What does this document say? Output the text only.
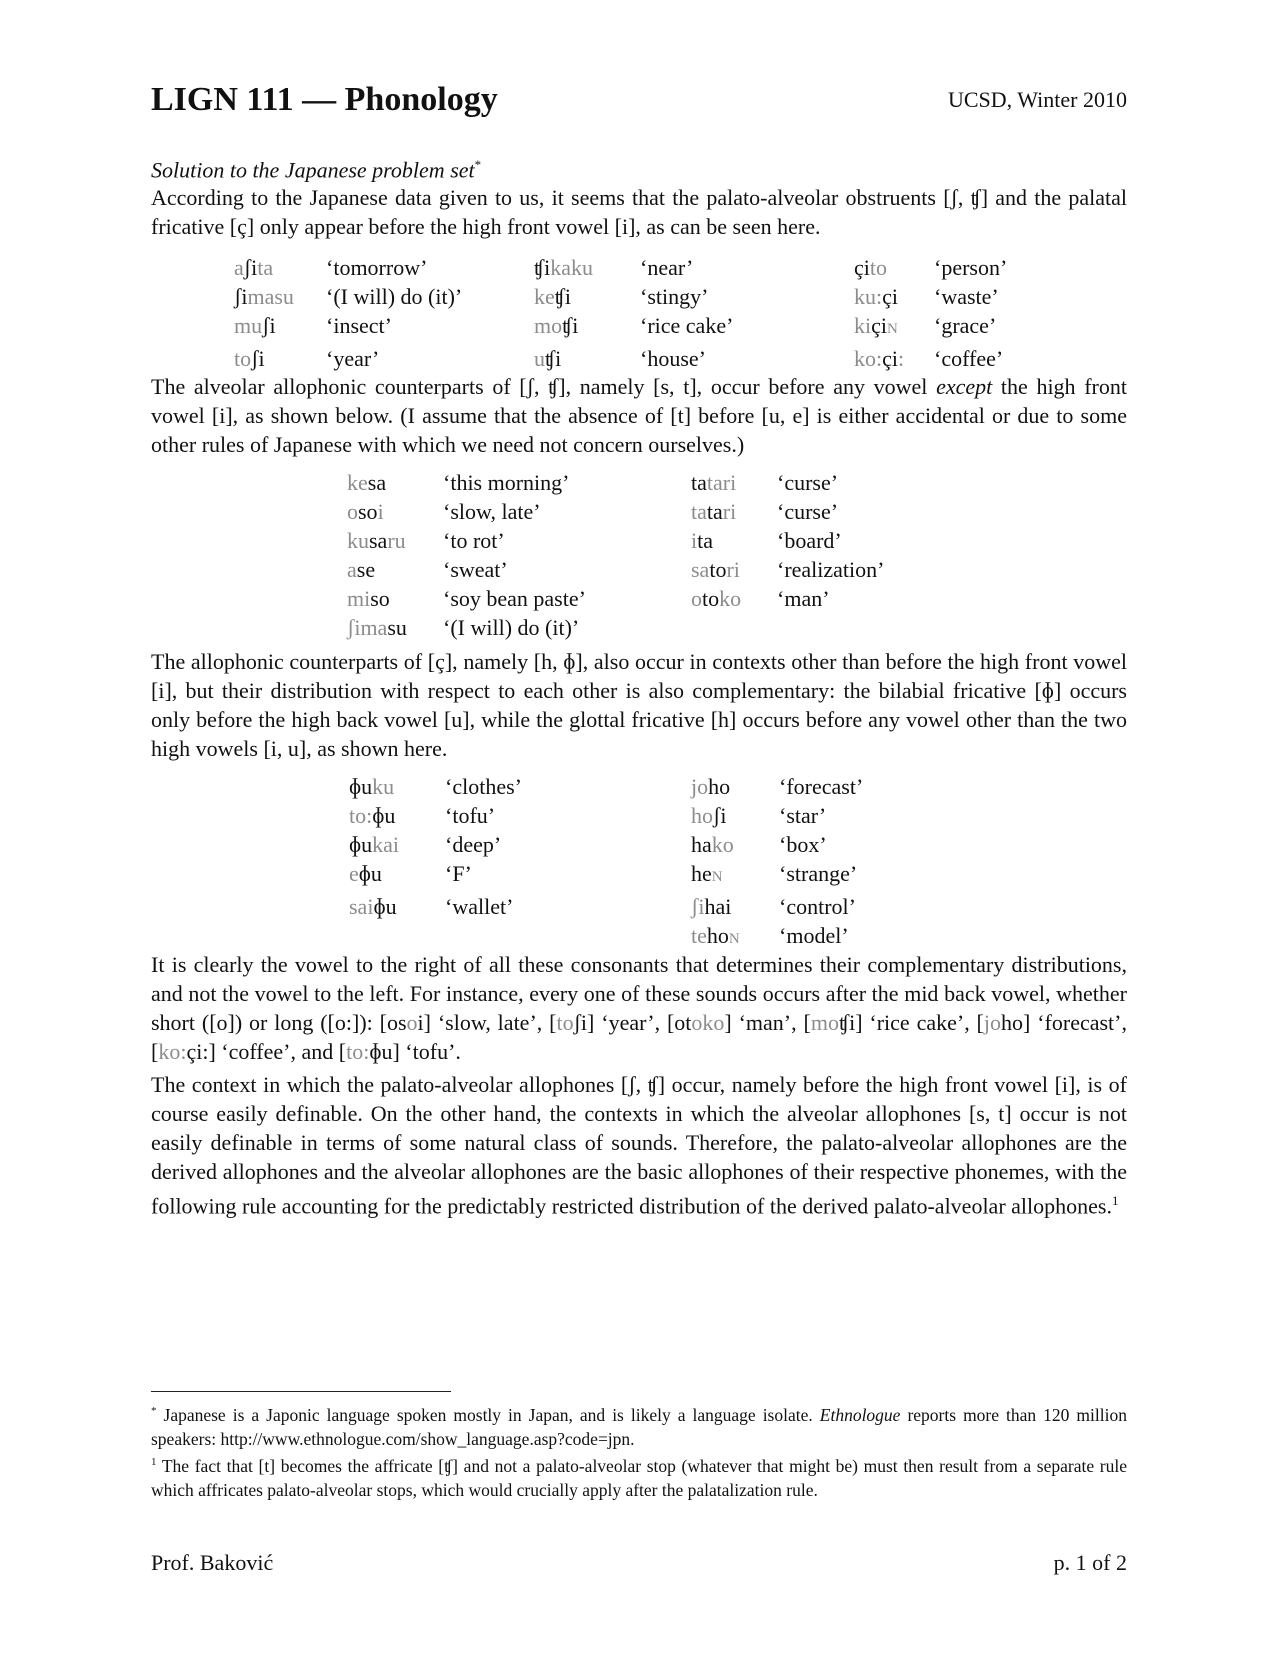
LIGN 111 — Phonology	UCSD, Winter 2010
Solution to the Japanese problem set*

According to the Japanese data given to us, it seems that the palato-alveolar obstruents [ʃ, ʧ] and the palatal fricative [ç] only appear before the high front vowel [i], as can be seen here.

aʃita	‘tomorrow’	ʧikaku	‘near’	çito	‘person’
ʃimasu	‘(I will) do (it)’	keʧi	‘stingy’	ku:çi	‘waste’
muʃi	‘insect’	moʧi	‘rice cake’	kiçiN	‘grace’
toʃi	‘year’	uʧi	‘house’	ko:çi:	‘coffee’

The alveolar allophonic counterparts of [ʃ, ʧ], namely [s, t], occur before any vowel except the high front vowel [i], as shown below. (I assume that the absence of [t] before [u, e] is either accidental or due to some other rules of Japanese with which we need not concern ourselves.)

kesa	‘this morning’	tatari	‘curse’
osoi	‘slow, late’	tatari	‘curse’
kusaru	‘to rot’	ita	‘board’
ase	‘sweat’	satori	‘realization’
miso	‘soy bean paste’	otoko	‘man’
ʃimasu	‘(I will) do (it)’		

The allophonic counterparts of [ç], namely [h, ɸ], also occur in contexts other than before the high front vowel [i], but their distribution with respect to each other is also complementary: the bilabial fricative [ɸ] occurs only before the high back vowel [u], while the glottal fricative [h] occurs before any vowel other than the two high vowels [i, u], as shown here.

ɸuku	‘clothes’	joho	‘forecast’
to:ɸu	‘tofu’	hoʃi	‘star’
ɸukai	‘deep’	hako	‘box’
eɸu	‘F’	heN	‘strange’
saiɸu	‘wallet’	ʃihai	‘control’
		tehoN	‘model’

It is clearly the vowel to the right of all these consonants that determines their complementary distributions, and not the vowel to the left. For instance, every one of these sounds occurs after the mid back vowel, whether short ([o]) or long ([o:]): [osoi] ‘slow, late’, [toʃi] ‘year’, [otoko] ‘man’, [moʧi] ‘rice cake’, [joho] ‘forecast’, [ko:çi:] ‘coffee’, and [to:ɸu] ‘tofu’.

The context in which the palato-alveolar allophones [ʃ, ʧ] occur, namely before the high front vowel [i], is of course easily definable. On the other hand, the contexts in which the alveolar allophones [s, t] occur is not easily definable in terms of some natural class of sounds. Therefore, the palato-alveolar allophones are the derived allophones and the alveolar allophones are the basic allophones of their respective phonemes, with the following rule accounting for the predictably restricted distribution of the derived palato-alveolar allophones.$^1$

* Japanese is a Japonic language spoken mostly in Japan, and is likely a language isolate. Ethnologue reports more than 120 million speakers: http://www.ethnologue.com/show_language.asp?code=jpn.

$^1$ The fact that [t] becomes the affricate [ʧ] and not a palato-alveolar stop (whatever that might be) must then result from a separate rule which affricates palato-alveolar stops, which would crucially apply after the palatalization rule.

Prof. Baković	p. 1 of 2
